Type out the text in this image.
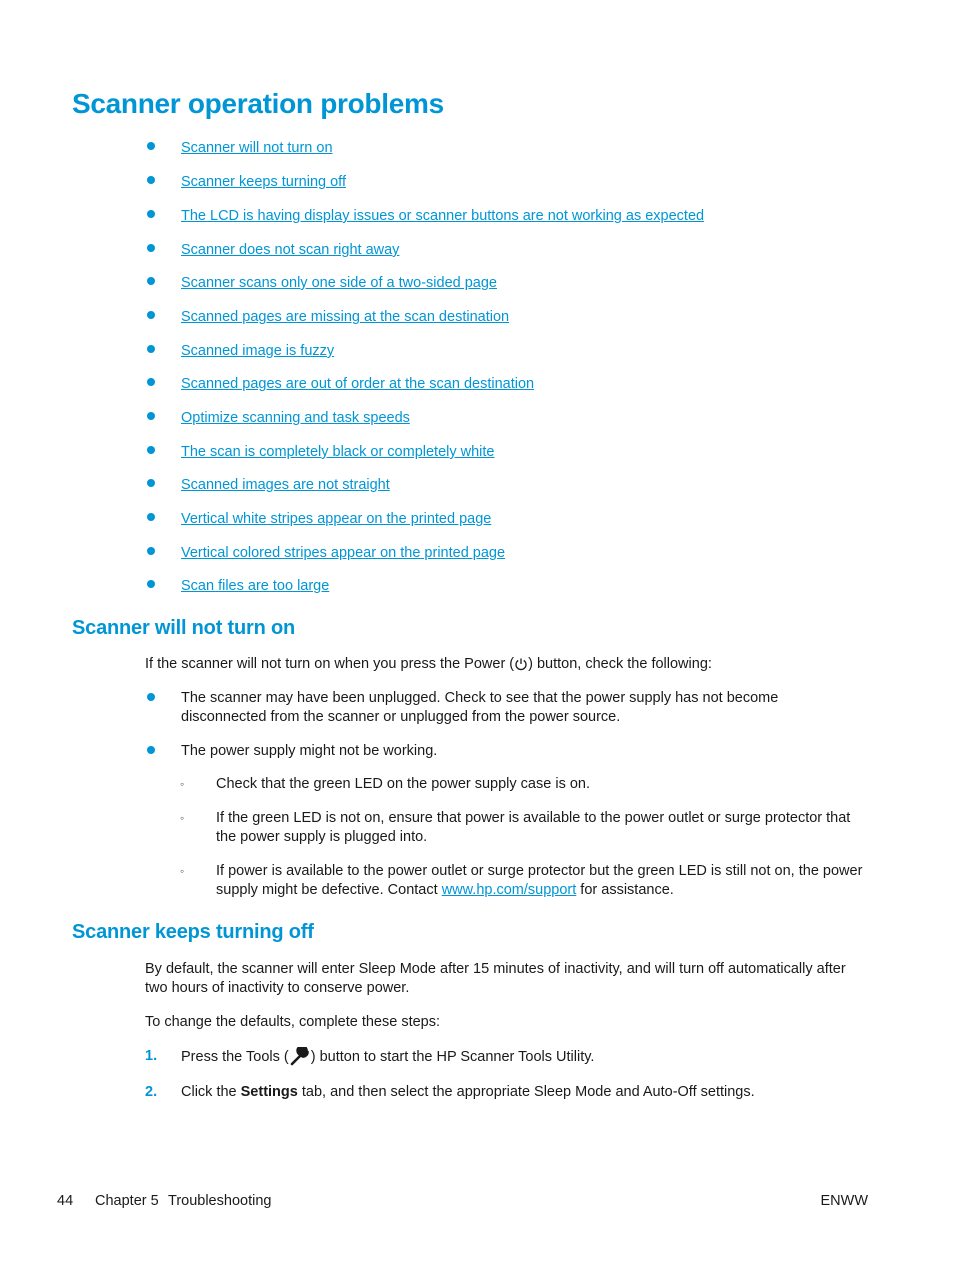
Scanner operation problems
Scanner will not turn on
Scanner keeps turning off
The LCD is having display issues or scanner buttons are not working as expected
Scanner does not scan right away
Scanner scans only one side of a two-sided page
Scanned pages are missing at the scan destination
Scanned image is fuzzy
Scanned pages are out of order at the scan destination
Optimize scanning and task speeds
The scan is completely black or completely white
Scanned images are not straight
Vertical white stripes appear on the printed page
Vertical colored stripes appear on the printed page
Scan files are too large
Scanner will not turn on
If the scanner will not turn on when you press the Power ( ) button, check the following:
The scanner may have been unplugged. Check to see that the power supply has not become disconnected from the scanner or unplugged from the power source.
The power supply might not be working.
◦ Check that the green LED on the power supply case is on.
◦ If the green LED is not on, ensure that power is available to the power outlet or surge protector that the power supply is plugged into.
◦ If power is available to the power outlet or surge protector but the green LED is still not on, the power supply might be defective. Contact www.hp.com/support for assistance.
Scanner keeps turning off
By default, the scanner will enter Sleep Mode after 15 minutes of inactivity, and will turn off automatically after two hours of inactivity to conserve power.
To change the defaults, complete these steps:
1. Press the Tools ( ) button to start the HP Scanner Tools Utility.
2. Click the Settings tab, and then select the appropriate Sleep Mode and Auto-Off settings.
44 Chapter 5 Troubleshooting	ENWW
